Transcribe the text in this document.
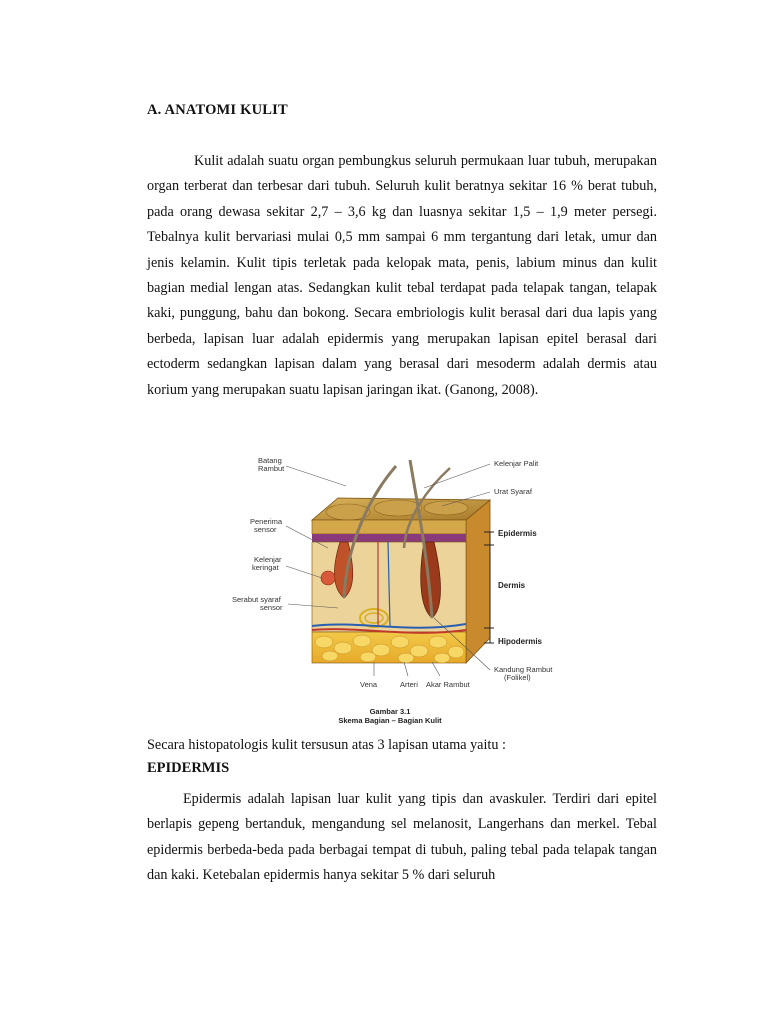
A. ANATOMI KULIT

Kulit adalah suatu organ pembungkus seluruh permukaan luar tubuh, merupakan organ terberat dan terbesar dari tubuh. Seluruh kulit beratnya sekitar 16 % berat tubuh, pada orang dewasa sekitar 2,7 – 3,6 kg dan luasnya sekitar 1,5 – 1,9 meter persegi. Tebalnya kulit bervariasi mulai 0,5 mm sampai 6 mm tergantung dari letak, umur dan jenis kelamin. Kulit tipis terletak pada kelopak mata, penis, labium minus dan kulit bagian medial lengan atas. Sedangkan kulit tebal terdapat pada telapak tangan, telapak kaki, punggung, bahu dan bokong. Secara embriologis kulit berasal dari dua lapis yang berbeda, lapisan luar adalah epidermis yang merupakan lapisan epitel berasal dari ectoderm sedangkan lapisan dalam yang berasal dari mesoderm adalah dermis atau korium yang merupakan suatu lapisan jaringan ikat. (Ganong, 2008).

Batang Rambut
Penerima sensor
Kelenjar keringat
Serabut syaraf sensor
Kelenjar Palit
Urat Syaraf
Kandung Rambut (Folikel)
Epidermis
Dermis
Hipodermis
Vena	Arteri Akar Rambut
Gambar 3.1
Skema Bagian – Bagian Kulit
Secara histopatologis kulit tersusun atas 3 lapisan utama yaitu :
EPIDERMIS

Epidermis adalah lapisan luar kulit yang tipis dan avaskuler. Terdiri dari epitel berlapis gepeng bertanduk, mengandung sel melanosit, Langerhans dan merkel. Tebal epidermis berbeda-beda pada berbagai tempat di tubuh, paling tebal pada telapak tangan dan kaki. Ketebalan epidermis hanya sekitar 5 % dari seluruh
